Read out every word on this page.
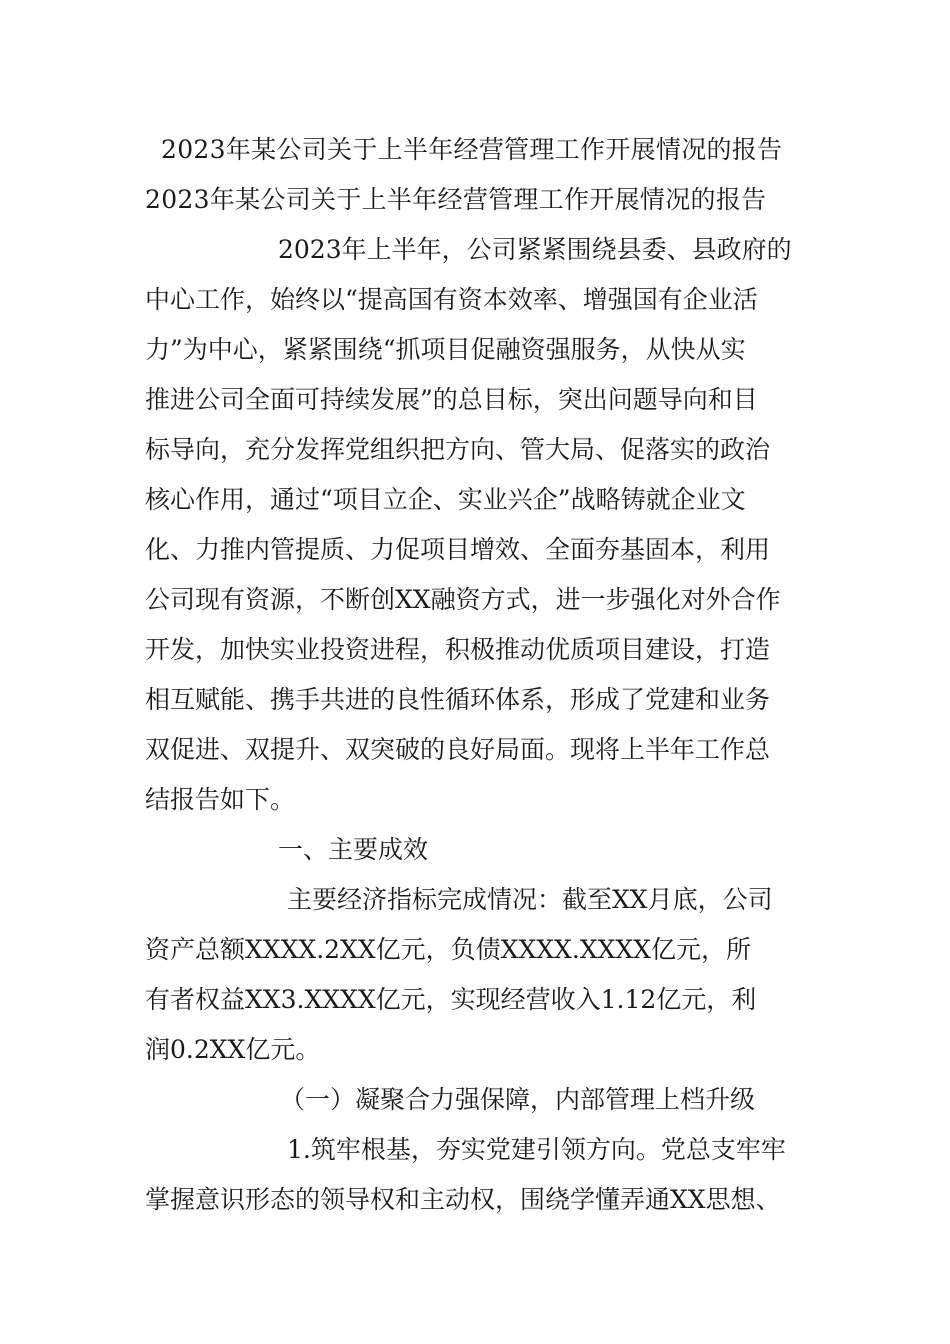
2023年某公司关于上半年经营管理工作开展情况的报告
2023年某公司关于上半年经营管理工作开展情况的报告
2023年上半年，公司紧紧围绕县委、县政府的
中心工作，始终以“提高国有资本效率、增强国有企业活
力”为中心，紧紧围绕“抓项目促融资强服务，从快从实
推进公司全面可持续发展”的总目标，突出问题导向和目
标导向，充分发挥党组织把方向、管大局、促落实的政治
核心作用，通过“项目立企、实业兴企”战略铸就企业文
化、力推内管提质、力促项目增效、全面夯基固本，利用
公司现有资源，不断创XX融资方式，进一步强化对外合作
开发，加快实业投资进程，积极推动优质项目建设，打造
相互赋能、携手共进的良性循环体系，形成了党建和业务
双促进、双提升、双突破的良好局面。现将上半年工作总
结报告如下。
一、主要成效
主要经济指标完成情况：截至XX月底，公司
资产总额XXXX.2XX亿元，负债XXXX.XXXX亿元，所
有者权益XX3.XXXX亿元，实现经营收入1.12亿元，利
润0.2XX亿元。
（一）凝聚合力强保障，内部管理上档升级
1.筑牢根基，夯实党建引领方向。党总支牢牢
掌握意识形态的领导权和主动权，围绕学懂弄通XX思想、
